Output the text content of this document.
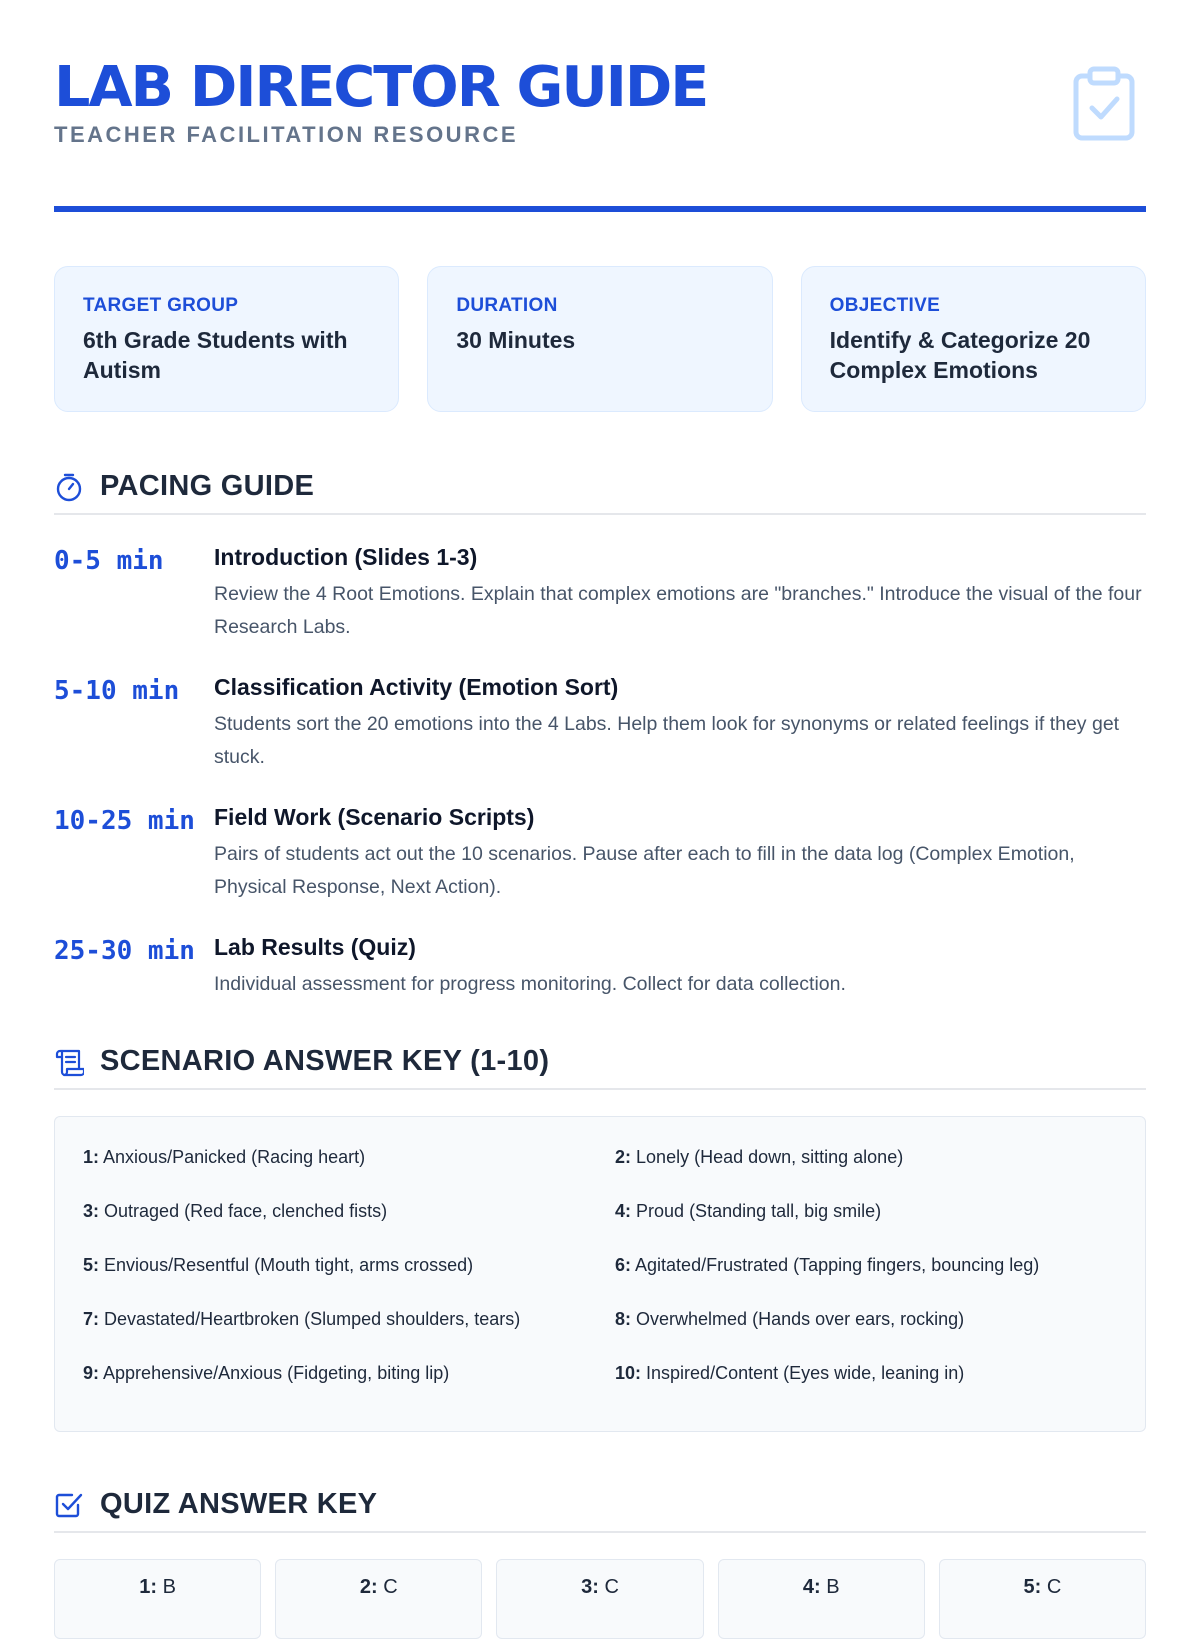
LAB DIRECTOR GUIDE
TEACHER FACILITATION RESOURCE
TARGET GROUP
6th Grade Students with Autism
DURATION
30 Minutes
OBJECTIVE
Identify & Categorize 20 Complex Emotions
PACING GUIDE
0-5 min	Introduction (Slides 1-3)
Review the 4 Root Emotions. Explain that complex emotions are "branches." Introduce the visual of the four Research Labs.
5-10 min	Classification Activity (Emotion Sort)
Students sort the 20 emotions into the 4 Labs. Help them look for synonyms or related feelings if they get stuck.
10-25 min Field Work (Scenario Scripts)
Pairs of students act out the 10 scenarios. Pause after each to fill in the data log (Complex Emotion, Physical Response, Next Action).
25-30 min Lab Results (Quiz)
Individual assessment for progress monitoring. Collect for data collection.
SCENARIO ANSWER KEY (1-10)
1: Anxious/Panicked (Racing heart)	2: Lonely (Head down, sitting alone)
3: Outraged (Red face, clenched fists)	4: Proud (Standing tall, big smile)
5: Envious/Resentful (Mouth tight, arms crossed)	6: Agitated/Frustrated (Tapping fingers, bouncing leg)
7: Devastated/Heartbroken (Slumped shoulders, tears)	8: Overwhelmed (Hands over ears, rocking)
9: Apprehensive/Anxious (Fidgeting, biting lip)	10: Inspired/Content (Eyes wide, leaning in)
QUIZ ANSWER KEY
1: B	2: C	3: C	4: B	5: C
